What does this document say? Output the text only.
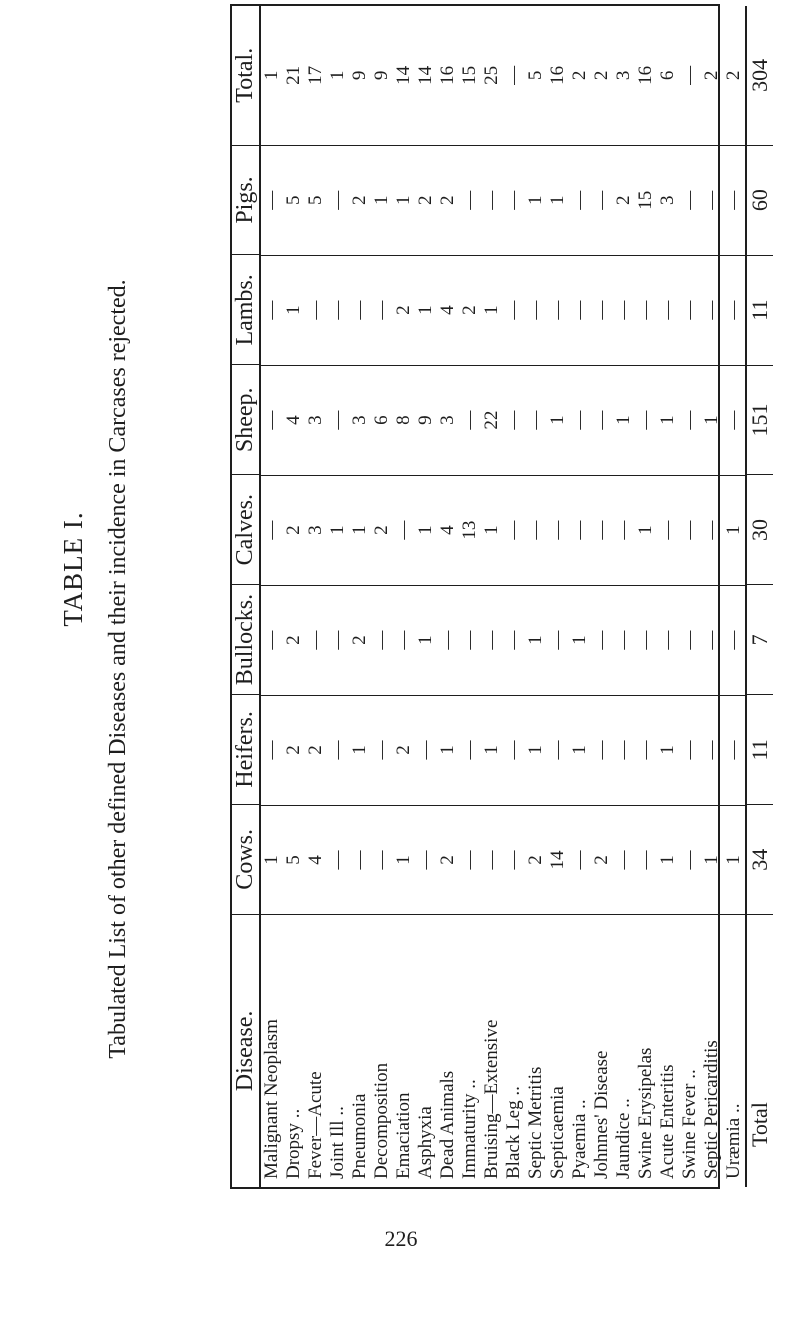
TABLE I. Tabulated List of other defined Diseases and their incidence in Carcases rejected.	Disease.
Cows.
Heifers.
Bullocks.
Calves.
Sheep.
Lambs.
Pigs.
Total.
Malignant Neoplasm
1
—
—
—
—
—
—
1
Dropsy ..
5
2
2
2
4
1
5
21
Fever—Acute
4
2
—
3
3
—
5
17
Joint Ill ..
—
—
—
1
—
—
—
1
Pneumonia
—
1
2
1
3
—
2
9
Decomposition
—
—
—
2
6
—
1
9
Emaciation
1
2
—
—
8
2
1
14
Asphyxia
—
—
1
1
9
1
2
14
Dead Animals
2
1
—
4
3
4
2
16
Immaturity ..
—
—
—
13
—
2
—
15
Bruising—Extensive
—
1
—
1
22
1
—
25
Black Leg ..
—
—
—
—
—
—
—
—
Septic Metritis
2
1
1
—
—
—
1
5
Septicaemia
14
—
—
—
1
—
1
16
Pyaemia ..
—
1
1
—
—
—
—
2
Johnnes' Disease
2
—
—
—
—
—
—
2
Jaundice ..
—
—
—
—
1
—
2
3
Swine Erysipelas
—
—
—
1
—
—
15
16
Acute Enteritis
1
1
—
—
1
—
3
6
Swine Fever ..
—
—
—
—
—
—
—
—
Septic Pericarditis
1
—
—
—
1
—
—
2
Uræmia ..
1
—
—
1
—
—
—
2
Total
34
11
7
30
151
11
60
304
226
